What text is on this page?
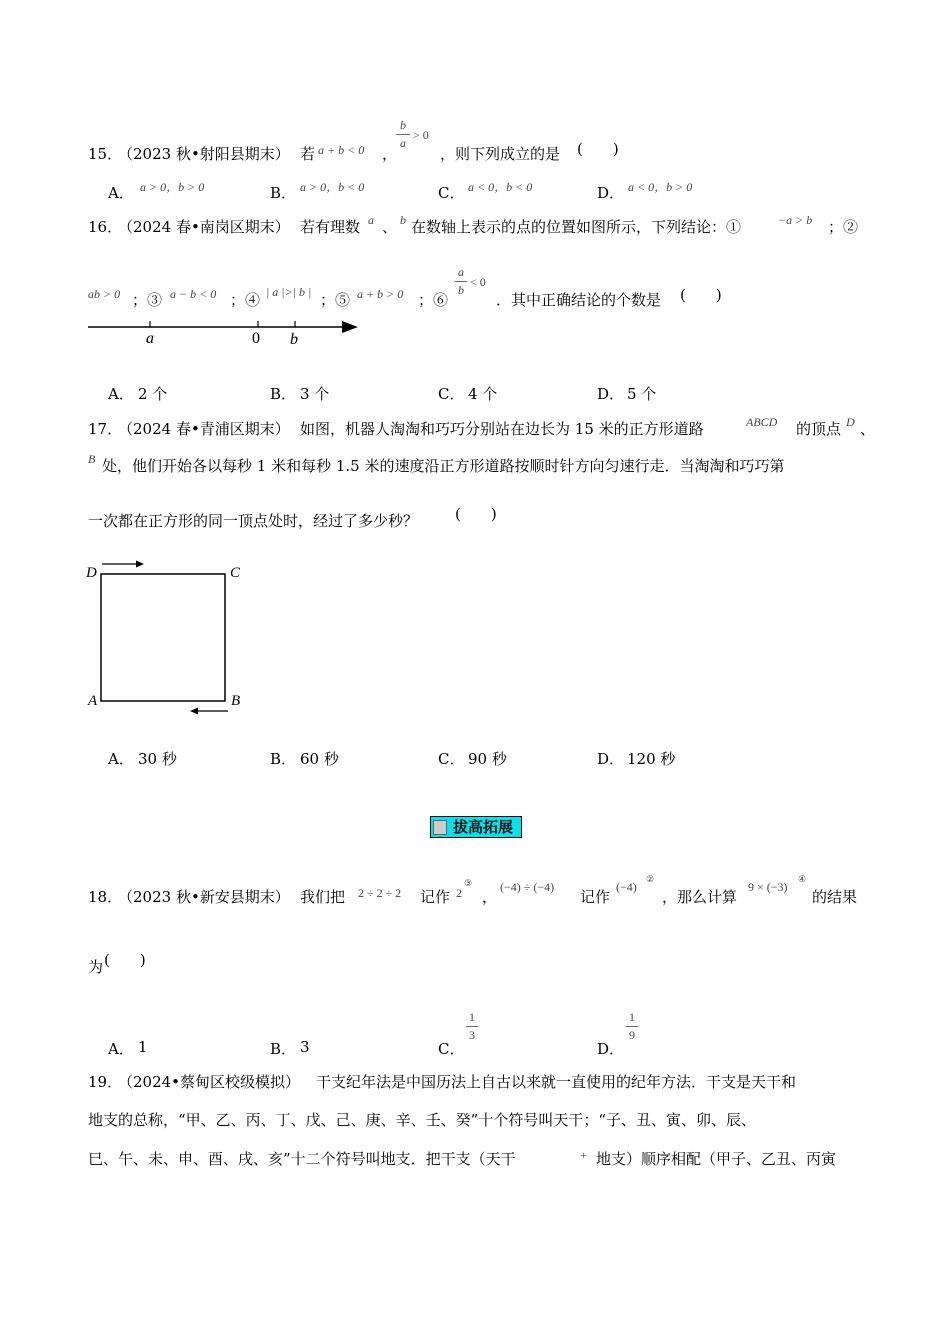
15．
（2023 秋•射阳县期末） 若 a + b < 0 ，
b
a
> 0
，则下列成立的是 (　　)
A． a > 0，b > 0	B． a > 0，b < 0	C． a < 0，b < 0	D． a < 0，b > 0
16．
（2024 春•南岗区期末） 若有理数 a 、 b 在数轴上表示的点的位置如图所示，下列结论：①	−a > b ；②
ab > 0 ；③ a − b < 0 ；④ | a |>| b | ；⑤ a + b > 0 ；⑥
a
b
< 0
．其中正确结论的个数是 (　　)
a	0 b
A． 2 个	B． 3 个	C． 4 个	D． 5 个
17．
（2024 春•青浦区期末） 如图，机器人淘淘和巧巧分别站在边长为 15 米的正方形道路	ABCD 的顶点 D 、
B 处，他们开始各以每秒 1 米和每秒 1.5 米的速度沿正方形道路按顺时针方向匀速行走．当淘淘和巧巧第
一次都在正方形的同一顶点处时，经过了多少秒？ (　　)
D	C
A	B
A． 30 秒	B． 60 秒	C． 90 秒	D． 120 秒
拔高拓展
18．
（2023 秋•新安县期末） 我们把 2 ÷ 2 ÷ 2 记作 2
③
，
(−4) ÷ (−4)
记作
(−4)
②
，那么计算
9 × (−3)
④
的结果
为 (　　)
A． 1	B． 3	C．
1
3
D．
1
9
19．
（2024•蔡甸区校级模拟） 干支纪年法是中国历法上自古以来就一直使用的纪年方法．干支是天干和
地支的总称，“甲、乙、丙、丁、戊、己、庚、辛、壬、癸”十个符号叫天干；“子、丑、寅、卯、辰、
巳、午、未、申、酉、戌、亥”十二个符号叫地支．把干支（天干	+ 地支）顺序相配（甲子、乙丑、丙寅
